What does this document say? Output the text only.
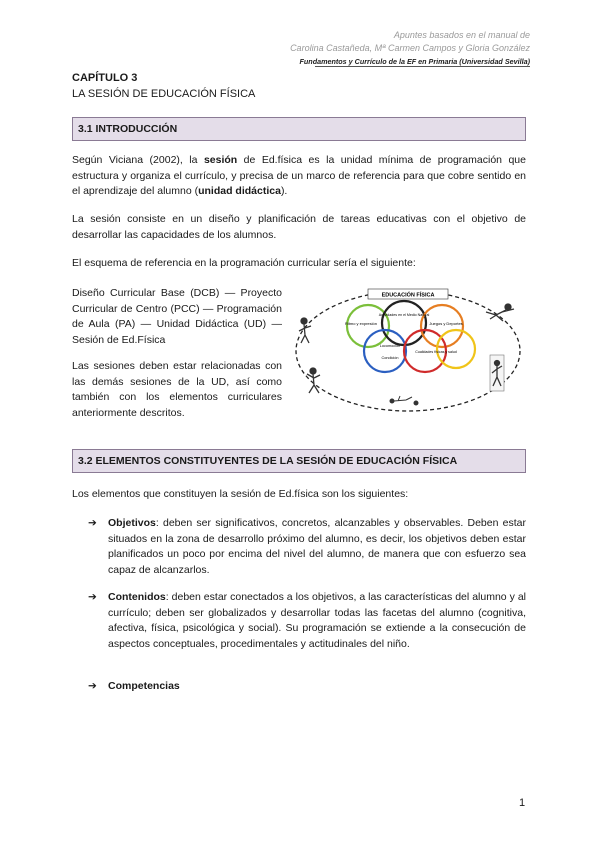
Apuntes basados en el manual de
Carolina Castañeda, Mª Carmen Campos y Gloria González
Fundamentos y Currículo de la EF en Primaria (Universidad Sevilla)
CAPÍTULO 3
LA SESIÓN DE EDUCACIÓN FÍSICA
3.1 INTRODUCCIÓN
Según Viciana (2002), la sesión de Ed.física es la unidad mínima de programación que estructura y organiza el currículo, y precisa de un marco de referencia para que cobre sentido en el aprendizaje del alumno (unidad didáctica).
La sesión consiste en un diseño y planificación de tareas educativas con el objetivo de desarrollar las capacidades de los alumnos.
El esquema de referencia en la programación curricular sería el siguiente:
Diseño Curricular Base (DCB) — Proyecto Curricular de Centro (PCC) — Programación de Aula (PA) — Unidad Didáctica (UD) — Sesión de Ed.Física
Las sesiones deben estar relacionadas con las demás sesiones de la UD, así como también con los elementos curriculares anteriormente descritos.
EDUCACIÓN FÍSICA
Ritmo y expresión
Actividades en el Medio Natural
Juegos y Deportes
Locomoción
Condición
Cualidades físicas y salud
3.2 ELEMENTOS CONSTITUYENTES DE LA SESIÓN DE EDUCACIÓN FÍSICA
Los elementos que constituyen la sesión de Ed.física son los siguientes:
➔ Objetivos: deben ser significativos, concretos, alcanzables y observables. Deben estar situados en la zona de desarrollo próximo del alumno, es decir, los objetivos deben estar planificados un poco por encima del nivel del alumno, de manera que con esfuerzo sea capaz de alcanzarlos.
➔ Contenidos: deben estar conectados a los objetivos, a las características del alumno y al currículo; deben ser globalizados y desarrollar todas las facetas del alumno (cognitiva, afectiva, física, psicológica y social). Su programación se extiende a la consecución de aspectos conceptuales, procedimentales y actitudinales del niño.
➔ Competencias
1
